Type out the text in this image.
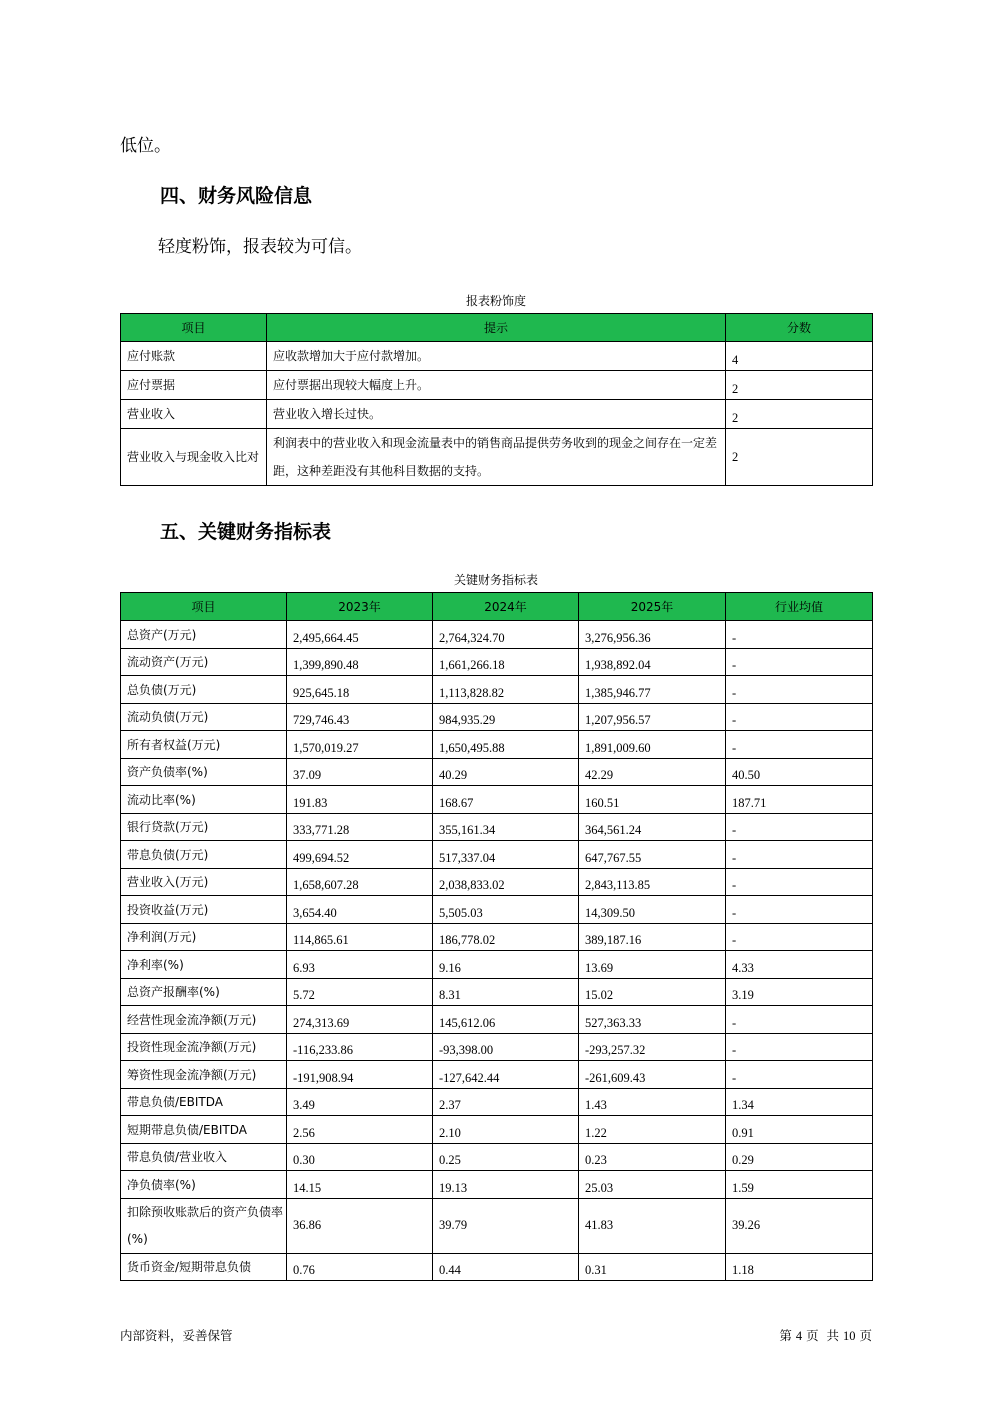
低位。
四、财务风险信息
轻度粉饰，报表较为可信。
报表粉饰度
项目	提示	分数
应付账款	应收款增加大于应付款增加。	4
应付票据	应付票据出现较大幅度上升。	2
营业收入	营业收入增长过快。	2
营业收入与现金收入比对	利润表中的营业收入和现金流量表中的销售商品提供劳务收到的现金之间存在一定差距，这种差距没有其他科目数据的支持。	2
五、关键财务指标表
关键财务指标表
项目	2023年	2024年	2025年	行业均值
总资产(万元)	2,495,664.45	2,764,324.70	3,276,956.36	-
流动资产(万元)	1,399,890.48	1,661,266.18	1,938,892.04	-
总负债(万元)	925,645.18	1,113,828.82	1,385,946.77	-
流动负债(万元)	729,746.43	984,935.29	1,207,956.57	-
所有者权益(万元)	1,570,019.27	1,650,495.88	1,891,009.60	-
资产负债率(%)	37.09	40.29	42.29	40.50
流动比率(%)	191.83	168.67	160.51	187.71
银行贷款(万元)	333,771.28	355,161.34	364,561.24	-
带息负债(万元)	499,694.52	517,337.04	647,767.55	-
营业收入(万元)	1,658,607.28	2,038,833.02	2,843,113.85	-
投资收益(万元)	3,654.40	5,505.03	14,309.50	-
净利润(万元)	114,865.61	186,778.02	389,187.16	-
净利率(%)	6.93	9.16	13.69	4.33
总资产报酬率(%)	5.72	8.31	15.02	3.19
经营性现金流净额(万元)	274,313.69	145,612.06	527,363.33	-
投资性现金流净额(万元)	-116,233.86	-93,398.00	-293,257.32	-
筹资性现金流净额(万元)	-191,908.94	-127,642.44	-261,609.43	-
带息负债/EBITDA	3.49	2.37	1.43	1.34
短期带息负债/EBITDA	2.56	2.10	1.22	0.91
带息负债/营业收入	0.30	0.25	0.23	0.29
净负债率(%)	14.15	19.13	25.03	1.59
扣除预收账款后的资产负债率(%)	36.86	39.79	41.83	39.26
货币资金/短期带息负债	0.76	0.44	0.31	1.18
内部资料，妥善保管	第 4 页  共 10 页
